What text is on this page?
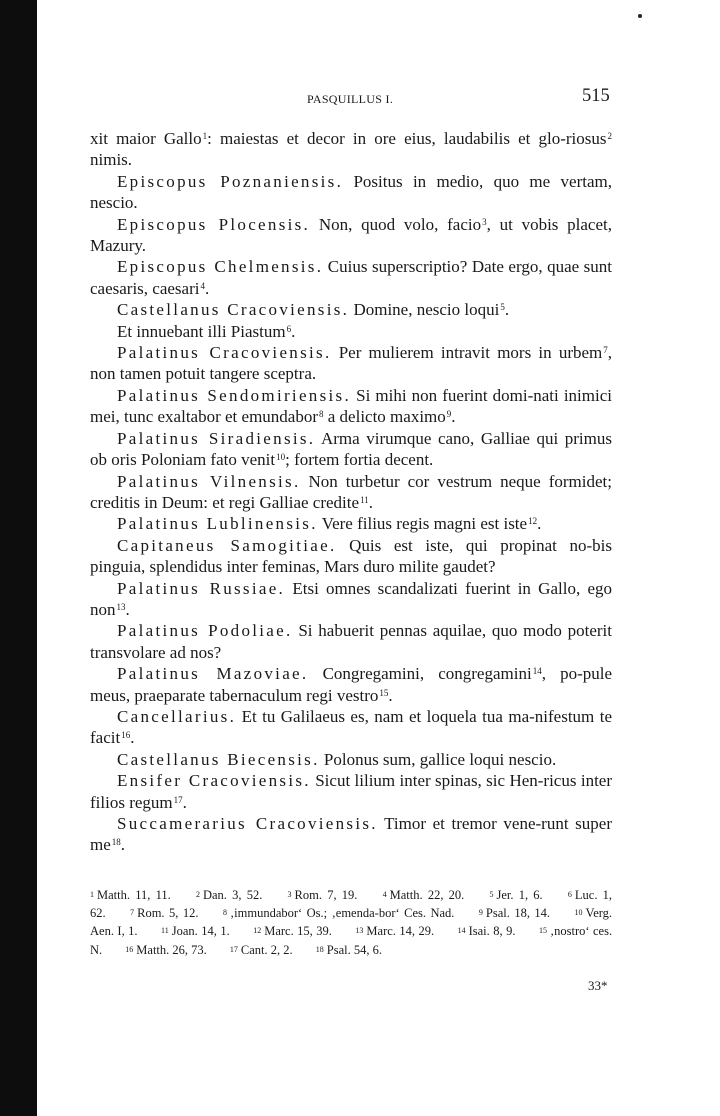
PASQUILLUS I.	515

xit maior Gallo$^1$: maiestas et decor in ore eius, laudabilis et glo-riosus$^2$ nimis.

Episcopus Poznaniensis. Positus in medio, quo me vertam, nescio.

Episcopus Plocensis. Non, quod volo, facio$^3$, ut vobis placet, Mazury.

Episcopus Chelmensis. Cuius superscriptio? Date ergo, quae sunt caesaris, caesari$^4$.

Castellanus Cracoviensis. Domine, nescio loqui$^5$.

Et innuebant illi Piastum$^6$.

Palatinus Cracoviensis. Per mulierem intravit mors in urbem$^7$, non tamen potuit tangere sceptra.

Palatinus Sendomiriensis. Si mihi non fuerint domi-nati inimici mei, tunc exaltabor et emundabor$^8$ a delicto maximo$^9$.

Palatinus Siradiensis. Arma virumque cano, Galliae qui primus ob oris Poloniam fato venit$^{10}$; fortem fortia decent.

Palatinus Vilnensis. Non turbetur cor vestrum neque formidet; creditis in Deum: et regi Galliae credite$^{11}$.

Palatinus Lublinensis. Vere filius regis magni est iste$^{12}$.

Capitaneus Samogitiae. Quis est iste, qui propinat no-bis pinguia, splendidus inter feminas, Mars duro milite gaudet?

Palatinus Russiae. Etsi omnes scandalizati fuerint in Gallo, ego non$^{13}$.

Palatinus Podoliae. Si habuerit pennas aquilae, quo modo poterit transvolare ad nos?

Palatinus Mazoviae. Congregamini, congregamini$^{14}$, po-pule meus, praeparate tabernaculum regi vestro$^{15}$.

Cancellarius. Et tu Galilaeus es, nam et loquela tua ma-nifestum te facit$^{16}$.

Castellanus Biecensis. Polonus sum, gallice loqui nescio.

Ensifer Cracoviensis. Sicut lilium inter spinas, sic Hen-ricus inter filios regum$^{17}$.

Succamerarius Cracoviensis. Timor et tremor vene-runt super $me^{18}$.

$^1$ Matth. 11, 11.	$^2$ Dan. 3, 52.	$^3$ Rom. 7, 19.	$^4$ Matth. 22, 20.	$^5$ Jer. 1, 6.	$^6$ Luc. 1, 62.	$^7$ Rom. 5, 12.	$^8$ ‚immundabor‘ Os.; ‚emenda-bor‘ Ces. Nad.	$^9$ Psal. 18, 14.	$^{10}$ Verg. Aen. I, 1.	$^{11}$ Joan. 14, 1.	$^{12}$ Marc. 15, 39.	$^{13}$ Marc. 14, 29.	$^{14}$ Isai. 8, 9.	$^{15}$ ‚nostro‘ ces. N.	$^{16}$ Matth. 26, 73.	$^{17}$ Cant. 2, 2.	$^{18}$ Psal. 54, 6.
33*
